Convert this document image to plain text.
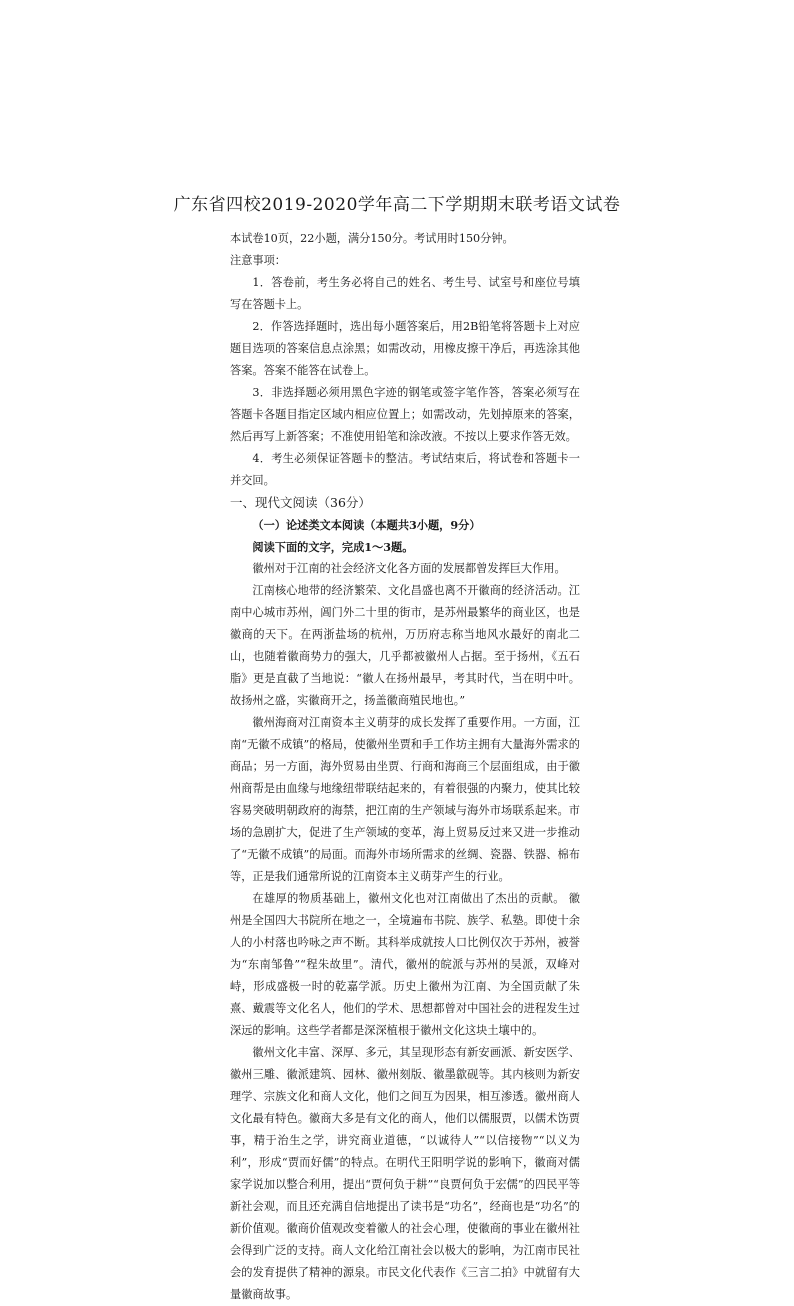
广东省四校2019-2020学年高二下学期期末联考语文试卷

本试卷10页，22小题，满分150分。考试用时150分钟。

注意事项：

1．答卷前，考生务必将自己的姓名、考生号、试室号和座位号填写在答题卡上。

2．作答选择题时，选出每小题答案后，用2B铅笔将答题卡上对应题目选项的答案信息点涂黑；如需改动，用橡皮擦干净后，再选涂其他答案。答案不能答在试卷上。

3．非选择题必须用黑色字迹的钢笔或签字笔作答，答案必须写在答题卡各题目指定区域内相应位置上；如需改动，先划掉原来的答案，然后再写上新答案；不准使用铅笔和涂改液。不按以上要求作答无效。

4．考生必须保证答题卡的整洁。考试结束后，将试卷和答题卡一并交回。

一、现代文阅读（36分）

（一）论述类文本阅读（本题共3小题，9分）

阅读下面的文字，完成1～3题。

徽州对于江南的社会经济文化各方面的发展都曾发挥巨大作用。

江南核心地带的经济繁荣、文化昌盛也离不开徽商的经济活动。江南中心城市苏州，阊门外二十里的街市，是苏州最繁华的商业区，也是徽商的天下。在两浙盐场的杭州，万历府志称当地风水最好的南北二山，也随着徽商势力的强大，几乎都被徽州人占据。至于扬州，《五石脂》更是直截了当地说：“徽人在扬州最早，考其时代，当在明中叶。故扬州之盛，实徽商开之，扬盖徽商殖民地也。”

徽州海商对江南资本主义萌芽的成长发挥了重要作用。一方面，江南“无徽不成镇”的格局，使徽州坐贾和手工作坊主拥有大量海外需求的商品；另一方面，海外贸易由坐贾、行商和海商三个层面组成，由于徽州商帮是由血缘与地缘纽带联结起来的，有着很强的内聚力，使其比较容易突破明朝政府的海禁，把江南的生产领域与海外市场联系起来。市场的急剧扩大，促进了生产领域的变革，海上贸易反过来又进一步推动了“无徽不成镇”的局面。而海外市场所需求的丝绸、瓷器、铁器、棉布等，正是我们通常所说的江南资本主义萌芽产生的行业。

在雄厚的物质基础上，徽州文化也对江南做出了杰出的贡献。 徽州是全国四大书院所在地之一，全境遍布书院、族学、私塾。即使十余人的小村落也吟咏之声不断。其科举成就按人口比例仅次于苏州，被誉为“东南邹鲁”“程朱故里”。清代，徽州的皖派与苏州的吴派，双峰对峙，形成盛极一时的乾嘉学派。历史上徽州为江南、为全国贡献了朱熹、戴震等文化名人，他们的学术、思想都曾对中国社会的进程发生过深远的影响。这些学者都是深深植根于徽州文化这块土壤中的。

徽州文化丰富、深厚、多元，其呈现形态有新安画派、新安医学、徽州三雕、徽派建筑、园林、徽州刻版、徽墨歙砚等。其内核则为新安理学、宗族文化和商人文化，他们之间互为因果，相互渗透。徽州商人文化最有特色。徽商大多是有文化的商人，他们以儒服贾，以儒术饬贾事，精于治生之学，讲究商业道德，“以诚待人”“以信接物”“以义为利”，形成“贾而好儒”的特点。在明代王阳明学说的影响下，徽商对儒家学说加以整合利用，提出“贾何负于耕”“良贾何负于宏儒”的四民平等新社会观，而且还充满自信地提出了读书是“功名”，经商也是“功名”的新价值观。徽商价值观改变着徽人的社会心理，使徽商的事业在徽州社会得到广泛的支持。商人文化给江南社会以极大的影响，为江南市民社会的发育提供了精神的源泉。市民文化代表作《三言二拍》中就留有大量徽商故事。
